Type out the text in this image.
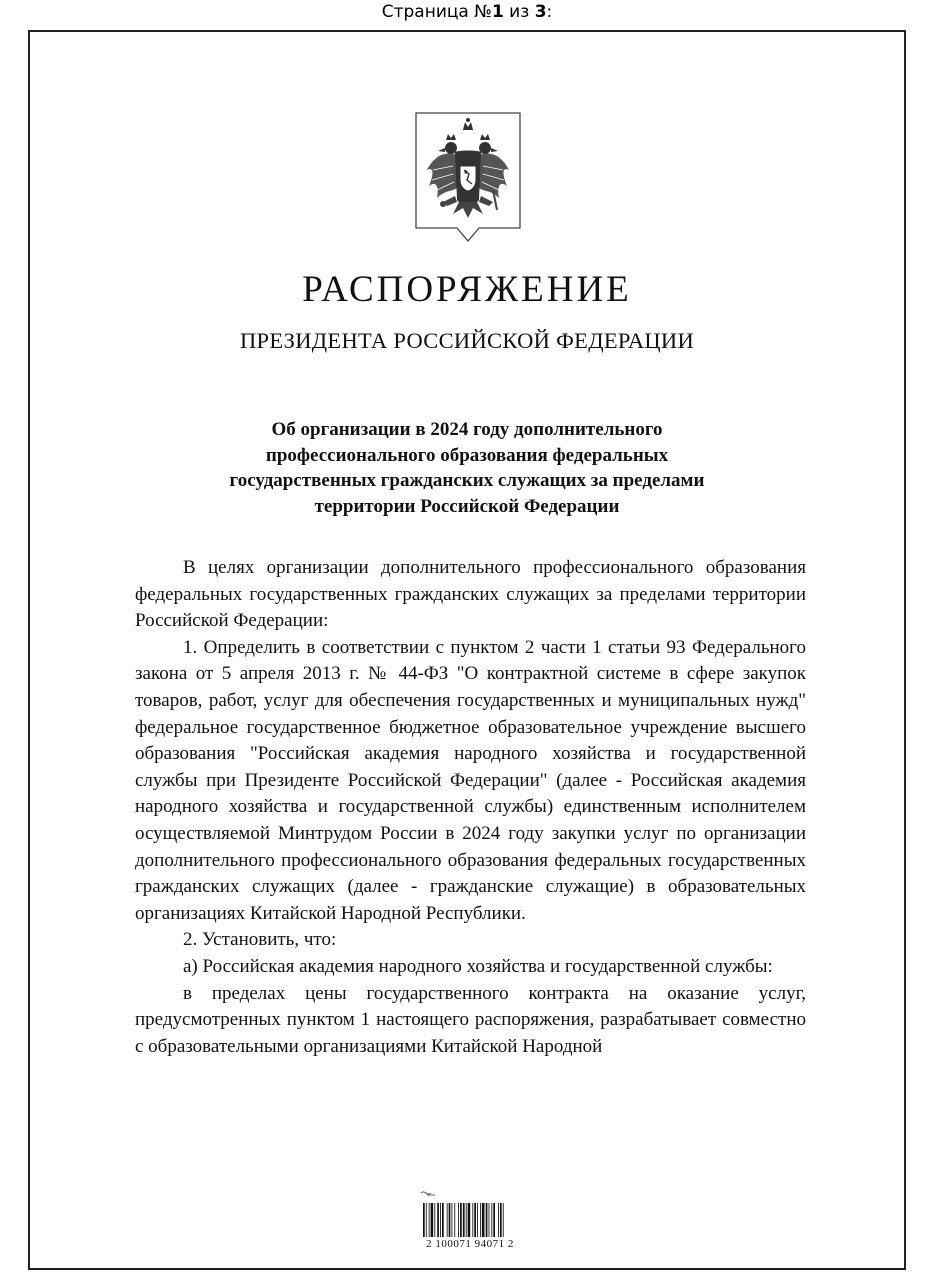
Страница №1 из 3:
РАСПОРЯЖЕНИЕ
ПРЕЗИДЕНТА РОССИЙСКОЙ ФЕДЕРАЦИИ
Об организации в 2024 году дополнительного
профессионального образования федеральных
государственных гражданских служащих за пределами
территории Российской Федерации

В целях организации дополнительного профессионального образования федеральных государственных гражданских служащих за пределами территории Российской Федерации:

1. Определить в соответствии с пунктом 2 части 1 статьи 93 Федерального закона от 5 апреля 2013 г. № 44-ФЗ "О контрактной системе в сфере закупок товаров, работ, услуг для обеспечения государственных и муниципальных нужд" федеральное государственное бюджетное образовательное учреждение высшего образования "Российская академия народного хозяйства и государственной службы при Президенте Российской Федерации" (далее - Российская академия народного хозяйства и государственной службы) единственным исполнителем осуществляемой Минтрудом России в 2024 году закупки услуг по организации дополнительного профессионального образования федеральных государственных гражданских служащих (далее - гражданские служащие) в образовательных организациях Китайской Народной Республики.

2. Установить, что:

а) Российская академия народного хозяйства и государственной службы:

в пределах цены государственного контракта на оказание услуг, предусмотренных пунктом 1 настоящего распоряжения, разрабатывает совместно с образовательными организациями Китайской Народной

2 100071 94071 2
